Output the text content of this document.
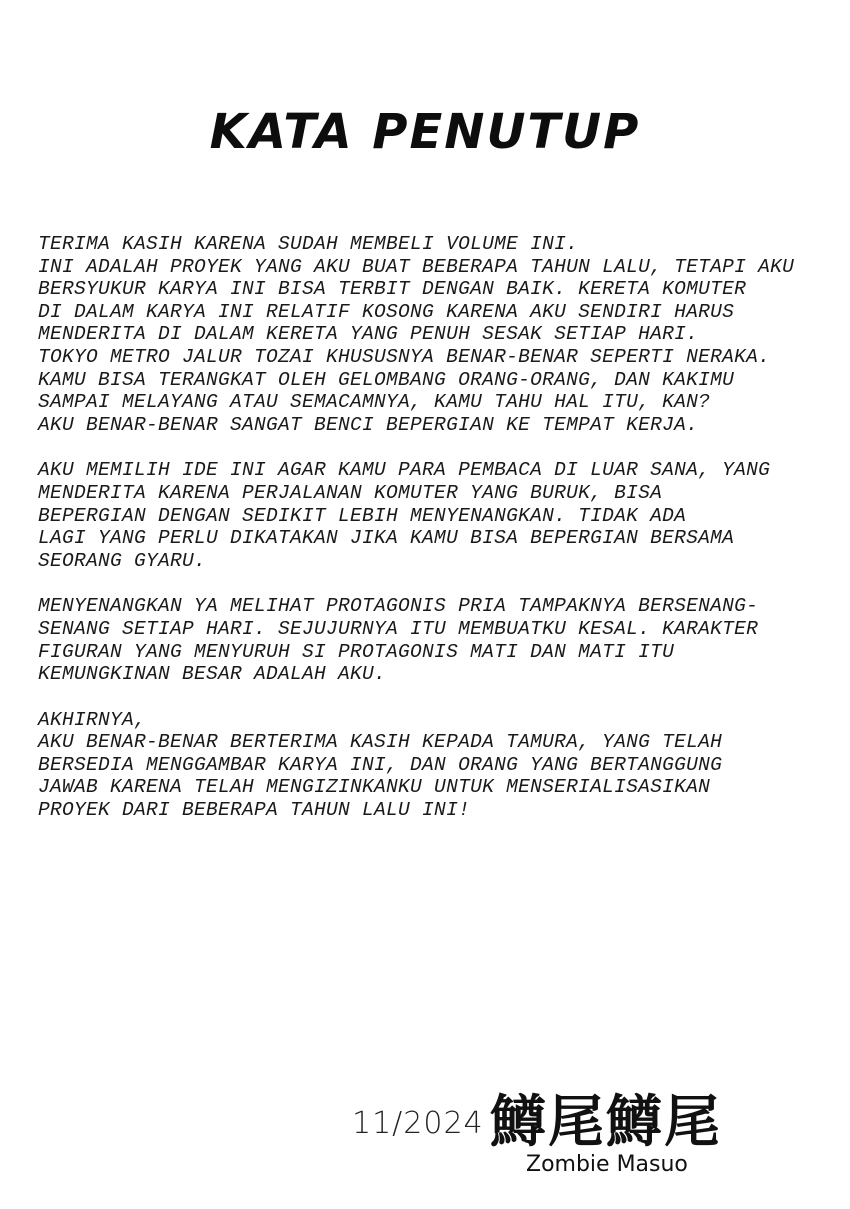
KATA PENUTUP
TERIMA KASIH KARENA SUDAH MEMBELI VOLUME INI.
INI ADALAH PROYEK YANG AKU BUAT BEBERAPA TAHUN LALU, TETAPI AKU
BERSYUKUR KARYA INI BISA TERBIT DENGAN BAIK. KERETA KOMUTER
DI DALAM KARYA INI RELATIF KOSONG KARENA AKU SENDIRI HARUS
MENDERITA DI DALAM KERETA YANG PENUH SESAK SETIAP HARI.
TOKYO METRO JALUR TOZAI KHUSUSNYA BENAR-BENAR SEPERTI NERAKA.
KAMU BISA TERANGKAT OLEH GELOMBANG ORANG-ORANG, DAN KAKIMU
SAMPAI MELAYANG ATAU SEMACAMNYA, KAMU TAHU HAL ITU, KAN?
AKU BENAR-BENAR SANGAT BENCI BEPERGIAN KE TEMPAT KERJA.
AKU MEMILIH IDE INI AGAR KAMU PARA PEMBACA DI LUAR SANA, YANG
MENDERITA KARENA PERJALANAN KOMUTER YANG BURUK, BISA
BEPERGIAN DENGAN SEDIKIT LEBIH MENYENANGKAN. TIDAK ADA
LAGI YANG PERLU DIKATAKAN JIKA KAMU BISA BEPERGIAN BERSAMA
SEORANG GYARU.
MENYENANGKAN YA MELIHAT PROTAGONIS PRIA TAMPAKNYA BERSENANG-
SENANG SETIAP HARI. SEJUJURNYA ITU MEMBUATKU KESAL. KARAKTER
FIGURAN YANG MENYURUH SI PROTAGONIS MATI DAN MATI ITU
KEMUNGKINAN BESAR ADALAH AKU.
AKHIRNYA,
AKU BENAR-BENAR BERTERIMA KASIH KEPADA TAMURA, YANG TELAH
BERSEDIA MENGGAMBAR KARYA INI, DAN ORANG YANG BERTANGGUNG
JAWAB KARENA TELAH MENGIZINKANKU UNTUK MENSERIALISASIKAN
PROYEK DARI BEBERAPA TAHUN LALU INI!
11/2024 鱒尾鱒尾
Zombie Masuo
